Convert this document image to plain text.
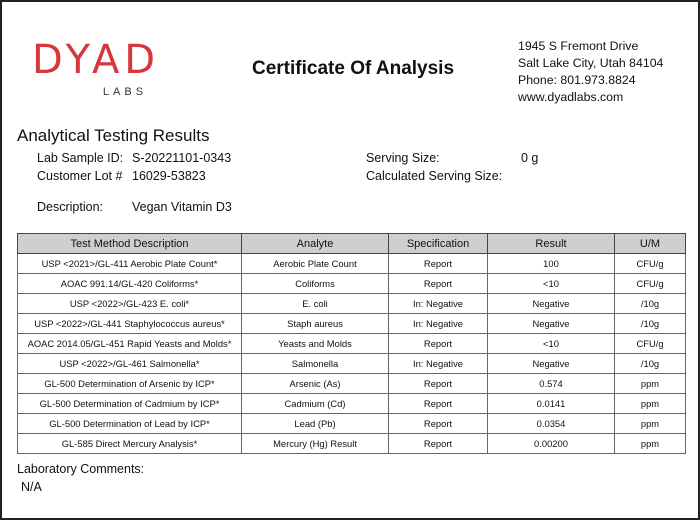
DYAD
LABS
Certificate Of Analysis
1945 S Fremont Drive
Salt Lake City, Utah 84104
Phone: 801.973.8824
www.dyadlabs.com
Analytical Testing Results
Lab Sample ID: S-20221101-0343
Customer Lot # 16029-53823
Description: Vegan Vitamin D3
Serving Size:	0 g
Calculated Serving Size:
Test Method Description	Analyte	Specification	Result	U/M
USP <2021>/GL-411 Aerobic Plate Count*	Aerobic Plate Count	Report	100	CFU/g
AOAC 991.14/GL-420 Coliforms*	Coliforms	Report	<10	CFU/g
USP <2022>/GL-423 E. coli*	E. coli	In: Negative	Negative	/10g
USP <2022>/GL-441 Staphylococcus aureus*	Staph aureus	In: Negative	Negative	/10g
AOAC 2014.05/GL-451 Rapid Yeasts and Molds*	Yeasts and Molds	Report	<10	CFU/g
USP <2022>/GL-461 Salmonella*	Salmonella	In: Negative	Negative	/10g
GL-500 Determination of Arsenic by ICP*	Arsenic (As)	Report	0.574	ppm
GL-500 Determination of Cadmium by ICP*	Cadmium (Cd)	Report	0.0141	ppm
GL-500 Determination of Lead by ICP*	Lead (Pb)	Report	0.0354	ppm
GL-585 Direct Mercury Analysis*	Mercury (Hg) Result	Report	0.00200	ppm
Laboratory Comments:
N/A
